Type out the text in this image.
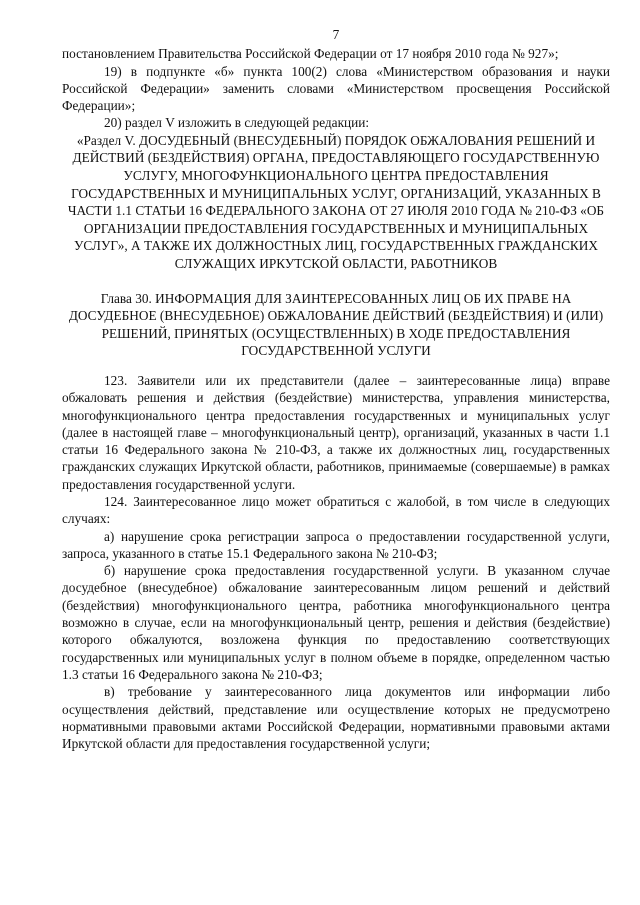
7

постановлением Правительства Российской Федерации от 17 ноября 2010 года № 927»;

19) в подпункте «б» пункта 100(2) слова «Министерством образования и науки Российской Федерации» заменить словами «Министерством просвещения Российской Федерации»;

20) раздел V изложить в следующей редакции:

«Раздел V. ДОСУДЕБНЫЙ (ВНЕСУДЕБНЫЙ) ПОРЯДОК ОБЖАЛОВАНИЯ РЕШЕНИЙ И ДЕЙСТВИЙ (БЕЗДЕЙСТВИЯ) ОРГАНА, ПРЕДОСТАВЛЯЮЩЕГО ГОСУДАРСТВЕННУЮ УСЛУГУ, МНОГОФУНКЦИОНАЛЬНОГО ЦЕНТРА ПРЕДОСТАВЛЕНИЯ ГОСУДАРСТВЕННЫХ И МУНИЦИПАЛЬНЫХ УСЛУГ, ОРГАНИЗАЦИЙ, УКАЗАННЫХ В ЧАСТИ 1.1 СТАТЬИ 16 ФЕДЕРАЛЬНОГО ЗАКОНА ОТ 27 ИЮЛЯ 2010 ГОДА № 210-ФЗ «ОБ ОРГАНИЗАЦИИ ПРЕДОСТАВЛЕНИЯ ГОСУДАРСТВЕННЫХ И МУНИЦИПАЛЬНЫХ УСЛУГ», А ТАКЖЕ ИХ ДОЛЖНОСТНЫХ ЛИЦ, ГОСУДАРСТВЕННЫХ ГРАЖДАНСКИХ СЛУЖАЩИХ ИРКУТСКОЙ ОБЛАСТИ, РАБОТНИКОВ

Глава 30. ИНФОРМАЦИЯ ДЛЯ ЗАИНТЕРЕСОВАННЫХ ЛИЦ ОБ ИХ ПРАВЕ НА ДОСУДЕБНОЕ (ВНЕСУДЕБНОЕ) ОБЖАЛОВАНИЕ ДЕЙСТВИЙ (БЕЗДЕЙСТВИЯ) И (ИЛИ) РЕШЕНИЙ, ПРИНЯТЫХ (ОСУЩЕСТВЛЕННЫХ) В ХОДЕ ПРЕДОСТАВЛЕНИЯ ГОСУДАРСТВЕННОЙ УСЛУГИ

123. Заявители или их представители (далее – заинтересованные лица) вправе обжаловать решения и действия (бездействие) министерства, управления министерства, многофункционального центра предоставления государственных и муниципальных услуг (далее в настоящей главе – многофункциональный центр), организаций, указанных в части 1.1 статьи 16 Федерального закона № 210-ФЗ, а также их должностных лиц, государственных гражданских служащих Иркутской области, работников, принимаемые (совершаемые) в рамках предоставления государственной услуги.

124. Заинтересованное лицо может обратиться с жалобой, в том числе в следующих случаях:

а) нарушение срока регистрации запроса о предоставлении государственной услуги, запроса, указанного в статье 15.1 Федерального закона № 210-ФЗ;

б) нарушение срока предоставления государственной услуги. В указанном случае досудебное (внесудебное) обжалование заинтересованным лицом решений и действий (бездействия) многофункционального центра, работника многофункционального центра возможно в случае, если на многофункциональный центр, решения и действия (бездействие) которого обжалуются, возложена функция по предоставлению соответствующих государственных или муниципальных услуг в полном объеме в порядке, определенном частью 1.3 статьи 16 Федерального закона № 210-ФЗ;

в) требование у заинтересованного лица документов или информации либо осуществления действий, представление или осуществление которых не предусмотрено нормативными правовыми актами Российской Федерации, нормативными правовыми актами Иркутской области для предоставления государственной услуги;
